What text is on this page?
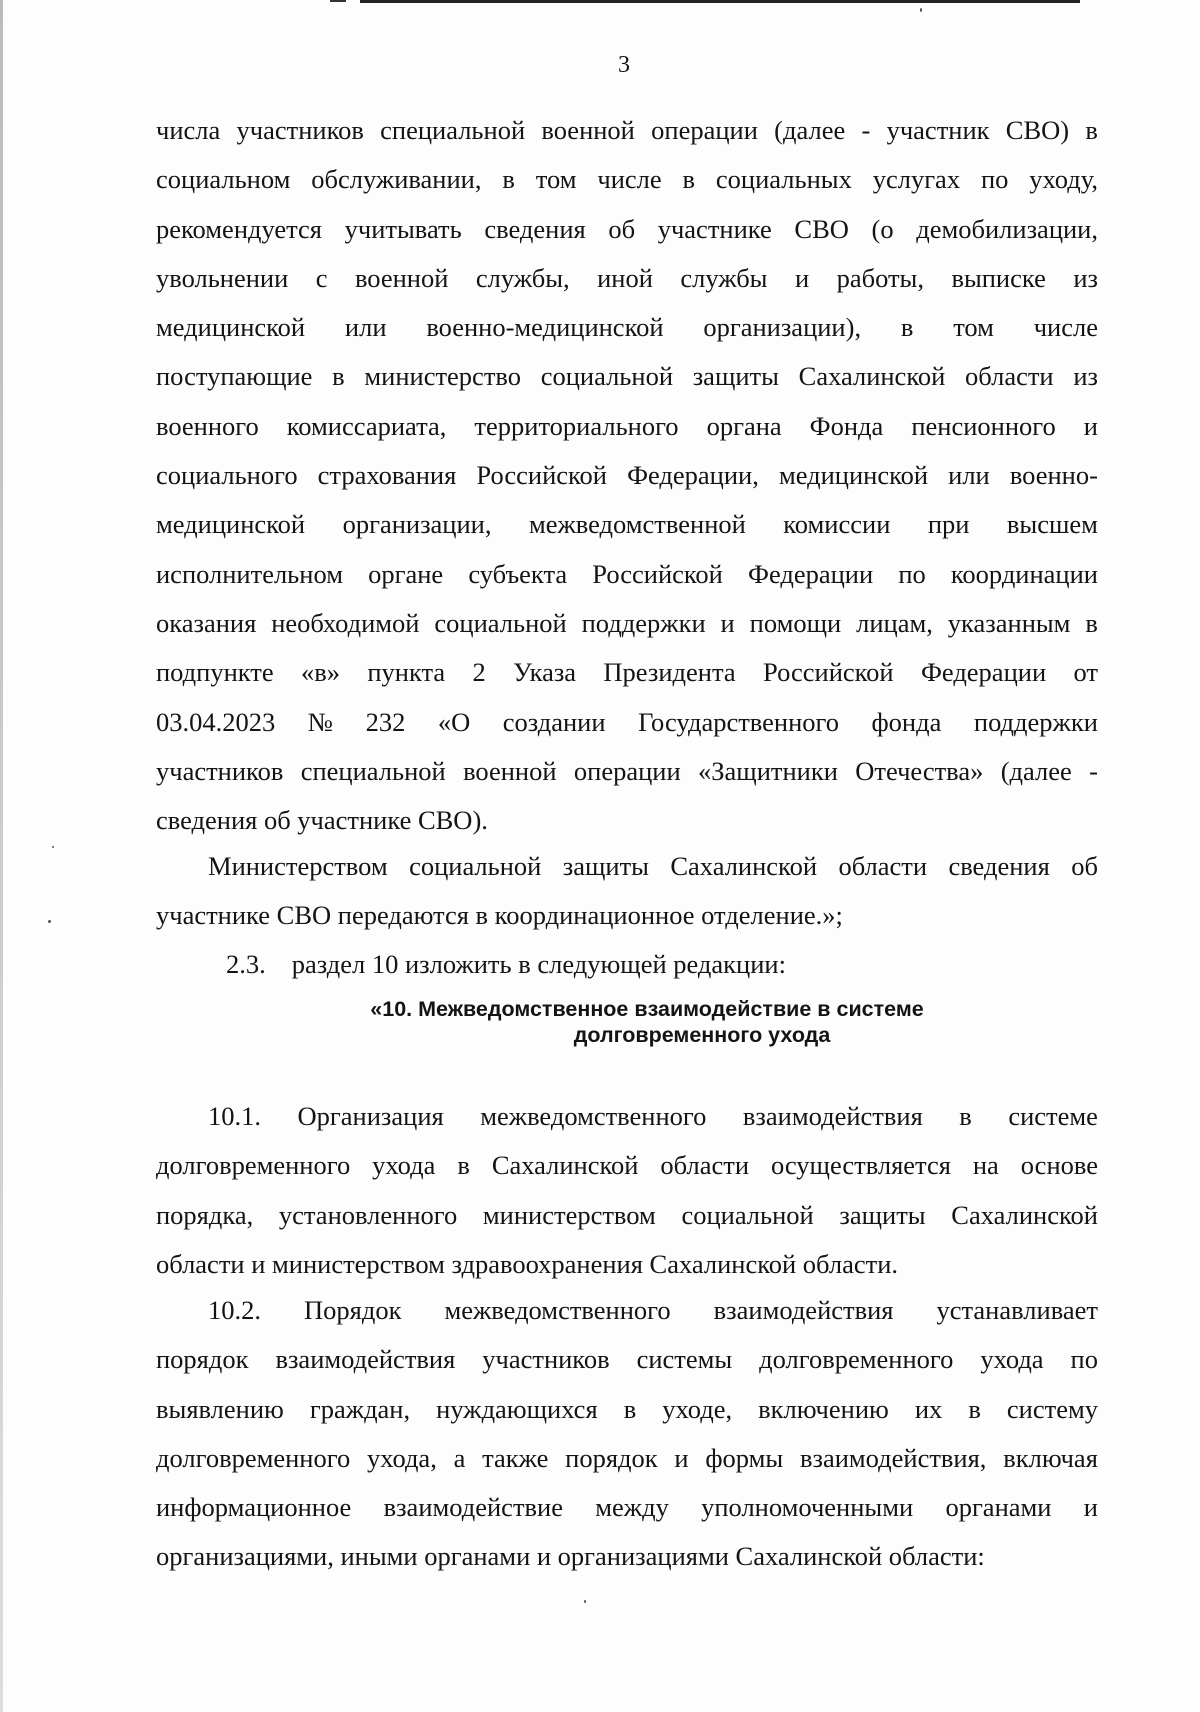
3
числа участников специальной военной операции (далее - участник СВО) в
социальном обслуживании, в том числе в социальных услугах по уходу,
рекомендуется учитывать сведения об участнике СВО (о демобилизации,
увольнении с военной службы, иной службы и работы, выписке из
медицинской или военно-медицинской организации), в том числе
поступающие в министерство социальной защиты Сахалинской области из
военного комиссариата, территориального органа Фонда пенсионного и
социального страхования Российской Федерации, медицинской или военно-
медицинской организации, межведомственной комиссии при высшем
исполнительном органе субъекта Российской Федерации по координации
оказания необходимой социальной поддержки и помощи лицам, указанным в
подпункте «в» пункта 2 Указа Президента Российской Федерации от
03.04.2023 № 232 «О создании Государственного фонда поддержки
участников специальной военной операции «Защитники Отечества» (далее -
сведения об участнике СВО).
Министерством социальной защиты Сахалинской области сведения об
участнике СВО передаются в координационное отделение.»;
2.3. раздел 10 изложить в следующей редакции:
«10. Межведомственное взаимодействие в системе
долговременного ухода
10.1. Организация межведомственного взаимодействия в системе
долговременного ухода в Сахалинской области осуществляется на основе
порядка, установленного министерством социальной защиты Сахалинской
области и министерством здравоохранения Сахалинской области.
10.2. Порядок межведомственного взаимодействия устанавливает
порядок взаимодействия участников системы долговременного ухода по
выявлению граждан, нуждающихся в уходе, включению их в систему
долговременного ухода, а также порядок и формы взаимодействия, включая
информационное взаимодействие между уполномоченными органами и
организациями, иными органами и организациями Сахалинской области:
